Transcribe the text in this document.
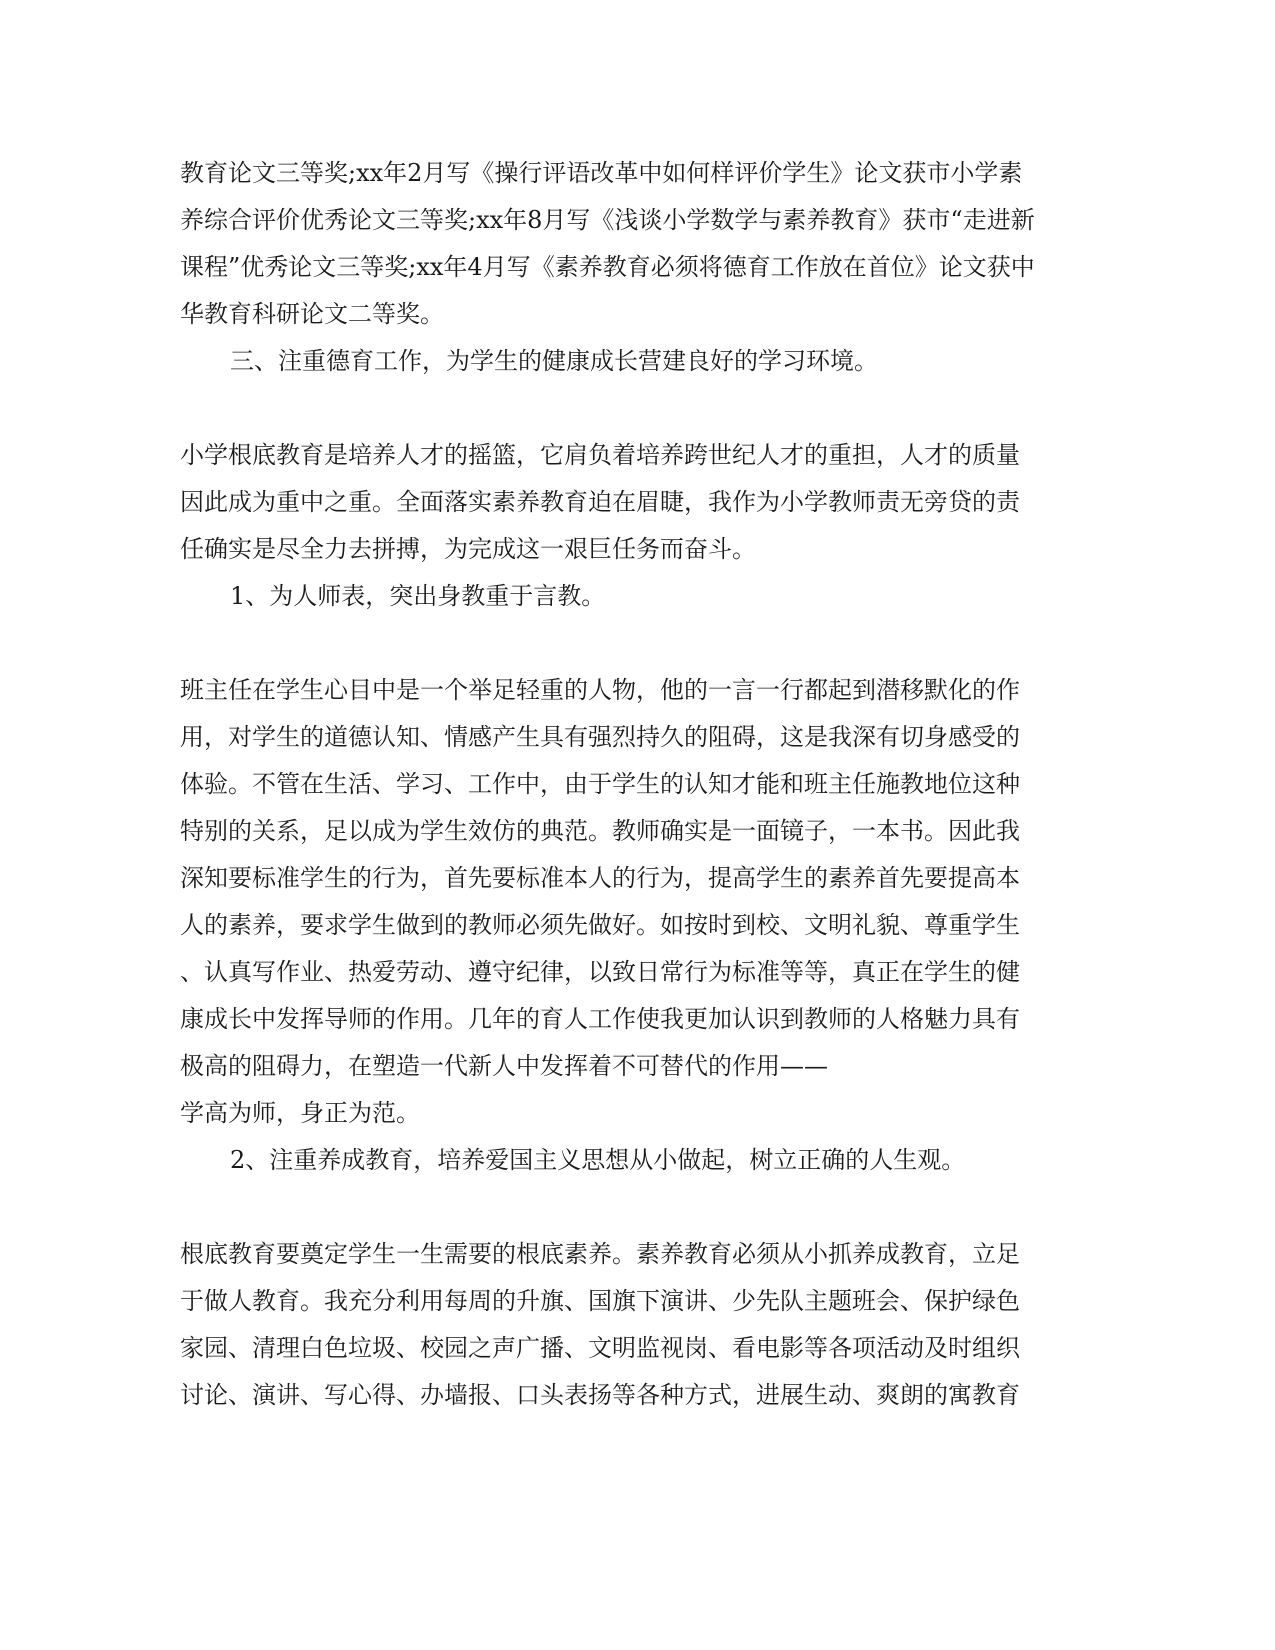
教育论文三等奖;xx年2月写《操行评语改革中如何样评价学生》论文获市小学素
养综合评价优秀论文三等奖;xx年8月写《浅谈小学数学与素养教育》获市“走进新
课程”优秀论文三等奖;xx年4月写《素养教育必须将德育工作放在首位》论文获中
华教育科研论文二等奖。
三、注重德育工作，为学生的健康成长营建良好的学习环境。
小学根底教育是培养人才的摇篮，它肩负着培养跨世纪人才的重担，人才的质量
因此成为重中之重。全面落实素养教育迫在眉睫，我作为小学教师责无旁贷的责
任确实是尽全力去拼搏，为完成这一艰巨任务而奋斗。
1、为人师表，突出身教重于言教。
班主任在学生心目中是一个举足轻重的人物，他的一言一行都起到潜移默化的作
用，对学生的道德认知、情感产生具有强烈持久的阻碍，这是我深有切身感受的
体验。不管在生活、学习、工作中，由于学生的认知才能和班主任施教地位这种
特别的关系，足以成为学生效仿的典范。教师确实是一面镜子，一本书。因此我
深知要标准学生的行为，首先要标准本人的行为，提高学生的素养首先要提高本
人的素养，要求学生做到的教师必须先做好。如按时到校、文明礼貌、尊重学生
、认真写作业、热爱劳动、遵守纪律，以致日常行为标准等等，真正在学生的健
康成长中发挥导师的作用。几年的育人工作使我更加认识到教师的人格魅力具有
极高的阻碍力，在塑造一代新人中发挥着不可替代的作用——
学高为师，身正为范。
2、注重养成教育，培养爱国主义思想从小做起，树立正确的人生观。
根底教育要奠定学生一生需要的根底素养。素养教育必须从小抓养成教育，立足
于做人教育。我充分利用每周的升旗、国旗下演讲、少先队主题班会、保护绿色
家园、清理白色垃圾、校园之声广播、文明监视岗、看电影等各项活动及时组织
讨论、演讲、写心得、办墙报、口头表扬等各种方式，进展生动、爽朗的寓教育
